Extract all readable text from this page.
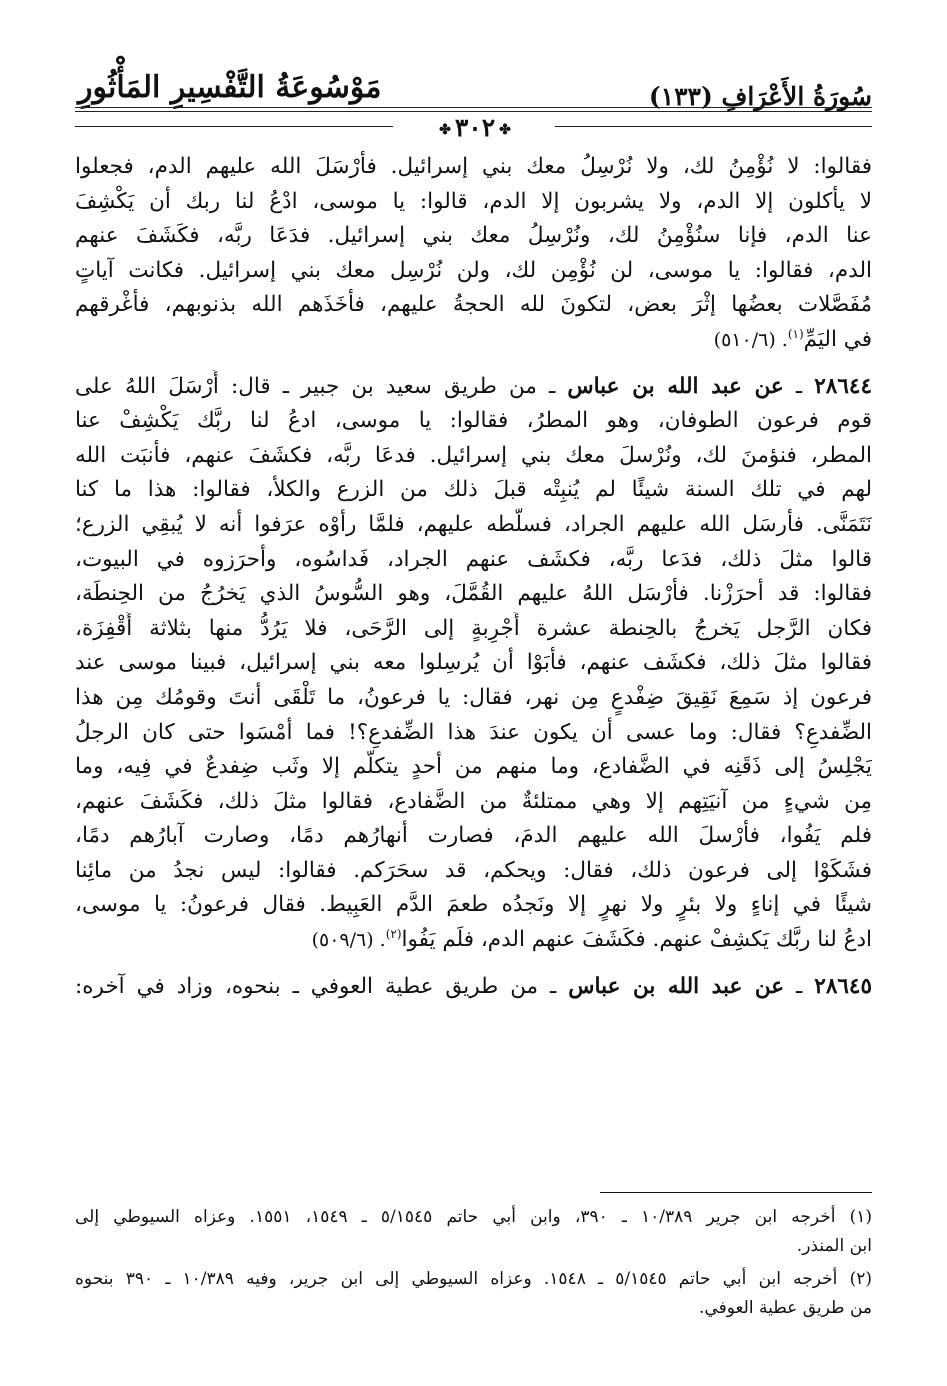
سُورَةُ الأَعْرَافِ (١٣٣)
مَوْسُوعَةُ التَّفْسِيرِ المَأْثُورِ
✤٣٠٢✤
فقالوا: لا نُؤْمِنُ لك، ولا نُرْسِلُ معك بني إسرائيل. فأَرْسَلَ الله عليهم الدم، فجعلوا
لا يأكلون إلا الدم، ولا يشربون إلا الدم، قالوا: يا موسى، ادْعُ لنا ربك أن يَكْشِفَ
عنا الدم، فإنا سنُؤْمِنُ لك، ونُرْسِلُ معك بني إسرائيل. فدَعَا ربَّه، فكَشَفَ عنهم
الدم، فقالوا: يا موسى، لن نُؤْمِن لك، ولن نُرْسِل معك بني إسرائيل. فكانت آياتٍ
مُفَصَّلات بعضُها إثْرَ بعض، لتكونَ لله الحجةُ عليهم، فأَخَذَهم الله بذنوبهم، فأغْرقهم
في اليَمِّ$^{(١)}$. (٥١٠/٦)
٢٨٦٤٤ ـ عن عبد الله بن عباس ـ من طريق سعيد بن جبير ـ قال: أَرْسَلَ اللهُ على
قوم فرعون الطوفان، وهو المطرُ، فقالوا: يا موسى، ادعُ لنا ربَّك يَكْشِفْ عنا
المطر، فنؤمنَ لك، ونُرْسلَ معك بني إسرائيل. فدعَا ربَّه، فكشَفَ عنهم، فأنبَت الله
لهم في تلك السنة شيئًا لم يُنبِتْه قبلَ ذلك من الزرع والكلأ، فقالوا: هذا ما كنا
نَتَمَنَّى. فأرسَل الله عليهم الجراد، فسلَّطه عليهم، فلمَّا رأوْه عرَفوا أنه لا يُبقِي الزرع؛
قالوا مثلَ ذلك، فدَعا ربَّه، فكشَف عنهم الجراد، فَداسُوه، وأحرَزوه في البيوت،
فقالوا: قد أحرَزْنا. فأرْسَل اللهُ عليهم القُمَّلَ، وهو السُّوسُ الذي يَخرُجُ من الحِنطَة،
فكان الرَّجل يَخرجُ بالحِنطة عشرة أَجْرِبةٍ إلى الرَّحَى، فلا يَرُدُّ منها بثلاثة أَقْفِزَة،
فقالوا مثلَ ذلك، فكشَف عنهم، فأبَوْا أن يُرسِلوا معه بني إسرائيل، فبينا موسى عند
فرعون إذ سَمِعَ نَقِيقَ ضِفْدعٍ مِن نهر، فقال: يا فرعونُ، ما تَلْقَى أنتَ وقومُك مِن هذا
الضِّفدعِ؟ فقال: وما عسى أن يكون عندَ هذا الضِّفدعِ؟! فما أمْسَوا حتى كان الرجلُ
يَجْلِسُ إلى ذَقَنِه في الضَّفادع، وما منهم من أحدٍ يتكلَّم إلا وثَب ضِفدعٌ في فِيه، وما
مِن شيءٍ من آنيَتِهم إلا وهي ممتلئةٌ من الضَّفادع، فقالوا مثلَ ذلك، فكَشَفَ عنهم،
فلم يَفُوا، فأرْسلَ الله عليهم الدمَ، فصارت أنهارُهم دمًا، وصارت آبارُهم دمًا،
فشَكَوْا إلى فرعون ذلك، فقال: ويحكم، قد سحَرَكم. فقالوا: ليس نجدُ من مائِنا
شيئًا في إناءٍ ولا بئرٍ ولا نهرٍ إلا ونَجدُه طعمَ الدَّم العَبِيط. فقال فرعونُ: يا موسى،
ادعُ لنا ربَّك يَكشِفْ عنهم. فكَشَفَ عنهم الدم، فلَم يَفُوا$^{(٢)}$. (٥٠٩/٦)
٢٨٦٤٥ ـ عن عبد الله بن عباس ـ من طريق عطية العوفي ـ بنحوه، وزاد في آخره:
(١) أخرجه ابن جرير ١٠/٣٨٩ ـ ٣٩٠، وابن أبي حاتم ٥/١٥٤٥ ـ ١٥٤٩، ١٥٥١. وعزاه السيوطي إلى
ابن المنذر.
(٢) أخرجه ابن أبي حاتم ٥/١٥٤٥ ـ ١٥٤٨. وعزاه السيوطي إلى ابن جرير، وفيه ١٠/٣٨٩ ـ ٣٩٠ بنحوه
من طريق عطية العوفي.
